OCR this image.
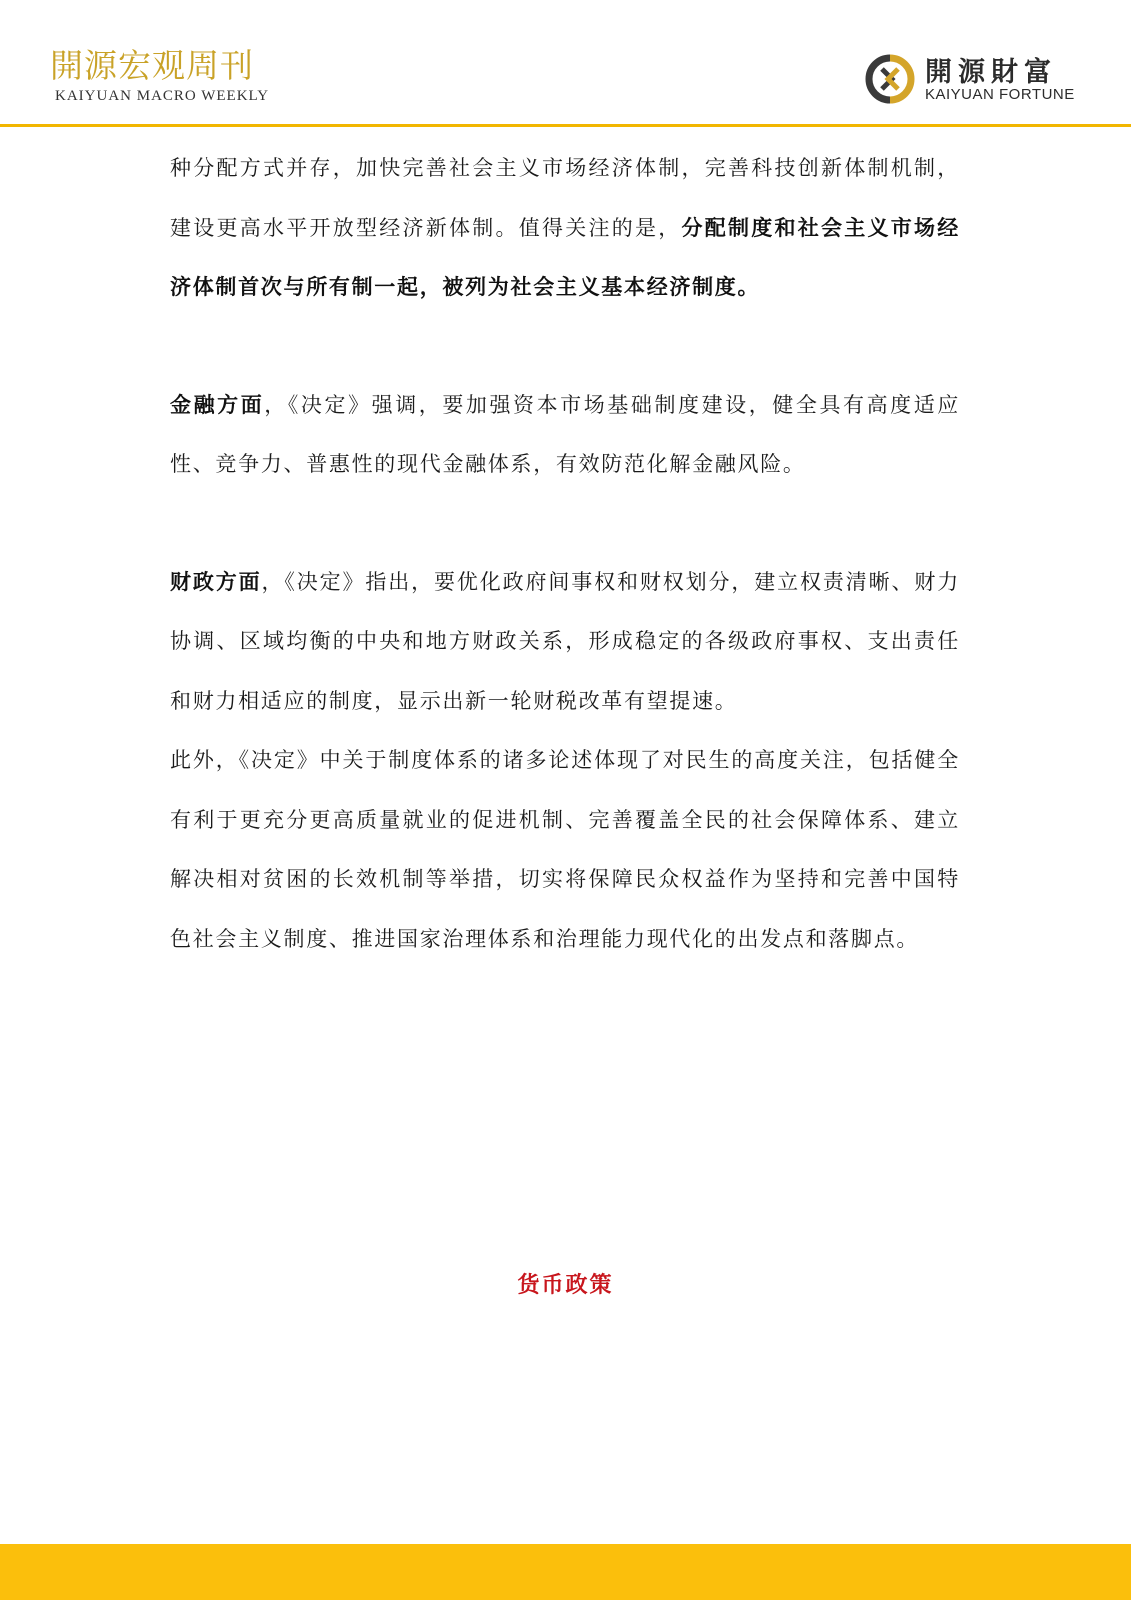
開源宏观周刊
KAIYUAN MACRO WEEKLY
開源財富
KAIYUAN FORTUNE

种分配方式并存，加快完善社会主义市场经济体制，完善科技创新体制机制，建设更高水平开放型经济新体制。值得关注的是，分配制度和社会主义市场经济体制首次与所有制一起，被列为社会主义基本经济制度。

金融方面，《决定》强调，要加强资本市场基础制度建设，健全具有高度适应性、竞争力、普惠性的现代金融体系，有效防范化解金融风险。

财政方面，《决定》指出，要优化政府间事权和财权划分，建立权责清晰、财力协调、区域均衡的中央和地方财政关系，形成稳定的各级政府事权、支出责任和财力相适应的制度，显示出新一轮财税改革有望提速。

此外，《决定》中关于制度体系的诸多论述体现了对民生的高度关注，包括健全有利于更充分更高质量就业的促进机制、完善覆盖全民的社会保障体系、建立解决相对贫困的长效机制等举措，切实将保障民众权益作为坚持和完善中国特色社会主义制度、推进国家治理体系和治理能力现代化的出发点和落脚点。

货币政策
